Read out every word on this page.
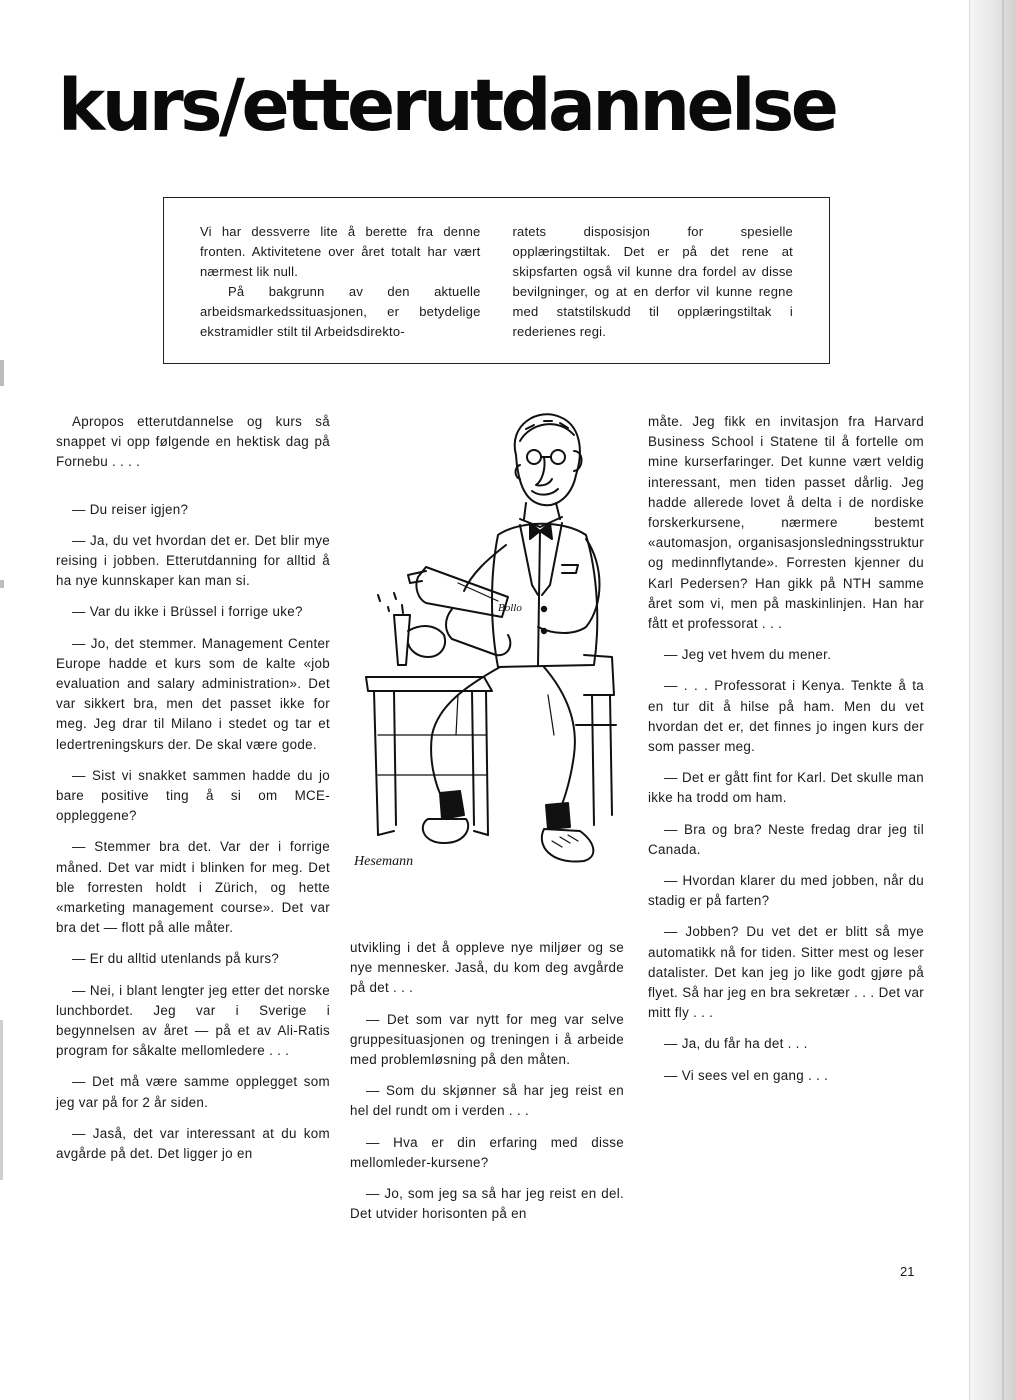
kurs/etterutdannelse

Vi har dessverre lite å berette fra denne fronten. Aktivitetene over året totalt har vært nærmest lik null.

På bakgrunn av den aktuelle arbeidsmarkedssituasjonen, er betydelige ekstramidler stilt til Arbeidsdirekto-

ratets disposisjon for spesielle opplæringstiltak. Det er på det rene at skipsfarten også vil kunne dra fordel av disse bevilgninger, og at en derfor vil kunne regne med statstilskudd til opplæringstiltak i rederienes regi.

Apropos etterutdannelse og kurs så snappet vi opp følgende en hektisk dag på Fornebu . . . .

— Du reiser igjen?

— Ja, du vet hvordan det er. Det blir mye reising i jobben. Etterutdanning for alltid å ha nye kunnskaper kan man si.

— Var du ikke i Brüssel i forrige uke?

— Jo, det stemmer. Management Center Europe hadde et kurs som de kalte «job evaluation and salary administration». Det var sikkert bra, men det passet ikke for meg. Jeg drar til Milano i stedet og tar et ledertreningskurs der. De skal være gode.

— Sist vi snakket sammen hadde du jo bare positive ting å si om MCE-oppleggene?

— Stemmer bra det. Var der i forrige måned. Det var midt i blinken for meg. Det ble forresten holdt i Zürich, og hette «marketing management course». Det var bra det — flott på alle måter.

— Er du alltid utenlands på kurs?

— Nei, i blant lengter jeg etter det norske lunchbordet. Jeg var i Sverige i begynnelsen av året — på et av Ali-Ratis program for såkalte mellomledere . . .

— Det må være samme opplegget som jeg var på for 2 år siden.

— Jaså, det var interessant at du kom avgårde på det. Det ligger jo en

Bollo
Hesemann

utvikling i det å oppleve nye miljøer og se nye mennesker. Jaså, du kom deg avgårde på det . . .

— Det som var nytt for meg var selve gruppesituasjonen og treningen i å arbeide med problemløsning på den måten.

— Som du skjønner så har jeg reist en hel del rundt om i verden . . .

— Hva er din erfaring med disse mellomleder-kursene?

— Jo, som jeg sa så har jeg reist en del. Det utvider horisonten på en

måte. Jeg fikk en invitasjon fra Harvard Business School i Statene til å fortelle om mine kurserfaringer. Det kunne vært veldig interessant, men tiden passet dårlig. Jeg hadde allerede lovet å delta i de nordiske forskerkursene, nærmere bestemt «automasjon, organisasjonsledningsstruktur og medinnflytande». Forresten kjenner du Karl Pedersen? Han gikk på NTH samme året som vi, men på maskinlinjen. Han har fått et professorat . . .

— Jeg vet hvem du mener.

— . . . Professorat i Kenya. Tenkte å ta en tur dit å hilse på ham. Men du vet hvordan det er, det finnes jo ingen kurs der som passer meg.

— Det er gått fint for Karl. Det skulle man ikke ha trodd om ham.

— Bra og bra? Neste fredag drar jeg til Canada.

— Hvordan klarer du med jobben, når du stadig er på farten?

— Jobben? Du vet det er blitt så mye automatikk nå for tiden. Sitter mest og leser datalister. Det kan jeg jo like godt gjøre på flyet. Så har jeg en bra sekretær . . . Det var mitt fly . . .

— Ja, du får ha det . . .

— Vi sees vel en gang . . .

21
